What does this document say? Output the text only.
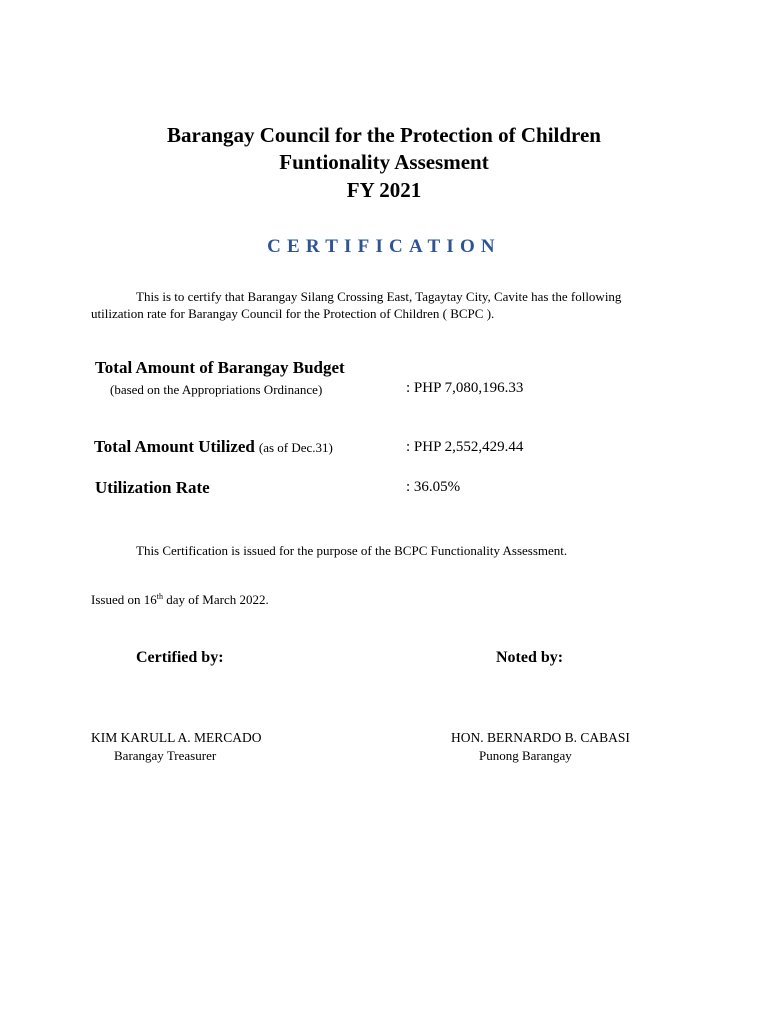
Barangay Council for the Protection of Children
Funtionality Assesment
FY 2021
CERTIFICATION
This is to certify that Barangay Silang Crossing East, Tagaytay City, Cavite has the following
utilization rate for Barangay Council for the Protection of Children ( BCPC ).
Total Amount of Barangay Budget
(based on the Appropriations Ordinance)	: PHP 7,080,196.33
Total Amount Utilized (as of Dec.31)	: PHP 2,552,429.44
Utilization Rate	: 36.05%
This Certification is issued for the purpose of the BCPC Functionality Assessment.
Issued on 16th day of March 2022.
Certified by:	Noted by:
KIM KARULL A. MERCADO
Barangay Treasurer
HON. BERNARDO B. CABASI
Punong Barangay
